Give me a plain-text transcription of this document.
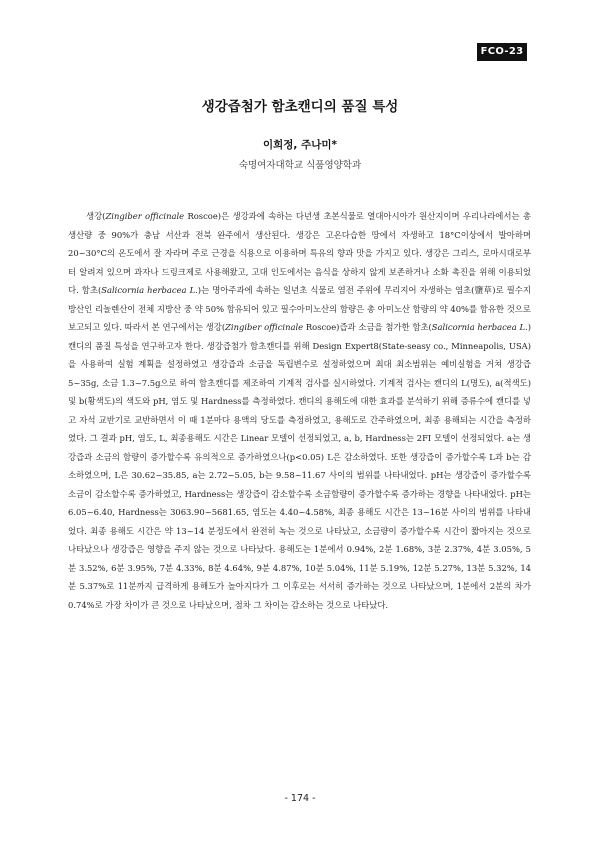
FCO-23
생강즙첨가 함초캔디의 품질 특성
이희정, 주나미*
숙명여자대학교 식품영양학과

생강(Zingiber officinale Roscoe)은 생강과에 속하는 다년생 초본식물로 열대아시아가 원산지이며 우리나라에서는 총생산량 중 90%가 충남 서산과 전북 완주에서 생산된다. 생강은 고온다습한 땅에서 자생하고 18°C이상에서 발아하며 20~30°C의 온도에서 잘 자라며 주로 근경을 식용으로 이용하며 특유의 향과 맛을 가지고 있다. 생강은 그리스, 로마시대로부터 알려져 있으며 과자나 드링크제로 사용해왔고, 고대 인도에서는 음식을 상하지 않게 보존하거나 소화 촉진을 위해 이용되었다. 함초(Salicornia herbacea L.)는 명아주과에 속하는 일년초 식물로 염전 주위에 무리지어 자생하는 염초(鹽草)로 필수지방산인 리놀렌산이 전체 지방산 중 약 50% 함유되어 있고 필수아미노산의 함량은 총 아미노산 함량의 약 40%를 함유한 것으로 보고되고 있다. 따라서 본 연구에서는 생강(Zingiber officinale Roscoe)즙과 소금을 첨가한 함초(Salicornia herbacea L.)캔디의 품질 특성을 연구하고자 한다. 생강즙첨가 함초캔디를 위해 Design Expert8(State-seasy co., Minneapolis, USA)을 사용하여 실험 계획을 설정하였고 생강즙과 소금을 독립변수로 설정하였으며 최대 최소범위는 예비실험을 거쳐 생강즙 5~35g, 소금 1.3~7.5g으로 하여 함초캔디를 제조하여 기계적 검사를 실시하였다. 기계적 검사는 캔디의 L(명도), a(적색도) 및 b(황색도)의 색도와 pH, 염도 및 Hardness를 측정하였다. 캔디의 용해도에 대한 효과를 분석하기 위해 증류수에 캔디를 넣고 자석 교반기로 교반하면서 이 때 1분마다 용액의 당도를 측정하였고, 용해도로 간주하였으며, 최종 용해되는 시간을 측정하였다. 그 결과 pH, 염도, L, 최종용해도 시간은 Linear 모델이 선정되었고, a, b, Hardness는 2FI 모델이 선정되었다. a는 생강즙과 소금의 함량이 증가할수록 유의적으로 증가하였으나(p<0.05) L은 감소하였다. 또한 생강즙이 증가할수록 L과 b는 감소하였으며, L은 30.62~35.85, a는 2.72~5.05, b는 9.58~11.67 사이의 범위를 나타내었다. pH는 생강즙이 증가할수록 소금이 감소할수록 증가하였고, Hardness는 생강즙이 감소할수록 소금함량이 증가할수록 증가하는 경향을 나타내었다. pH는 6.05~6.40, Hardness는 3063.90~5681.65, 염도는 4.40~4.58%, 최종 용해도 시간은 13~16분 사이의 범위를 나타내었다. 최종 용해도 시간은 약 13~14 분정도에서 완전히 녹는 것으로 나타났고, 소금량이 증가할수록 시간이 짧아지는 것으로 나타났으나 생강즙은 영향을 주지 않는 것으로 나타났다. 용해도는 1분에서 0.94%, 2분 1.68%, 3분 2.37%, 4분 3.05%, 5분 3.52%, 6분 3.95%, 7분 4.33%, 8분 4.64%, 9분 4.87%, 10분 5.04%, 11분 5.19%, 12분 5.27%, 13분 5.32%, 14분 5.37%로 11분까지 급격하게 용해도가 높아지다가 그 이후로는 서서히 증가하는 것으로 나타났으며, 1분에서 2분의 차가 0.74%로 가장 차이가 큰 것으로 나타났으며, 점차 그 차이는 감소하는 것으로 나타났다.

- 174 -
